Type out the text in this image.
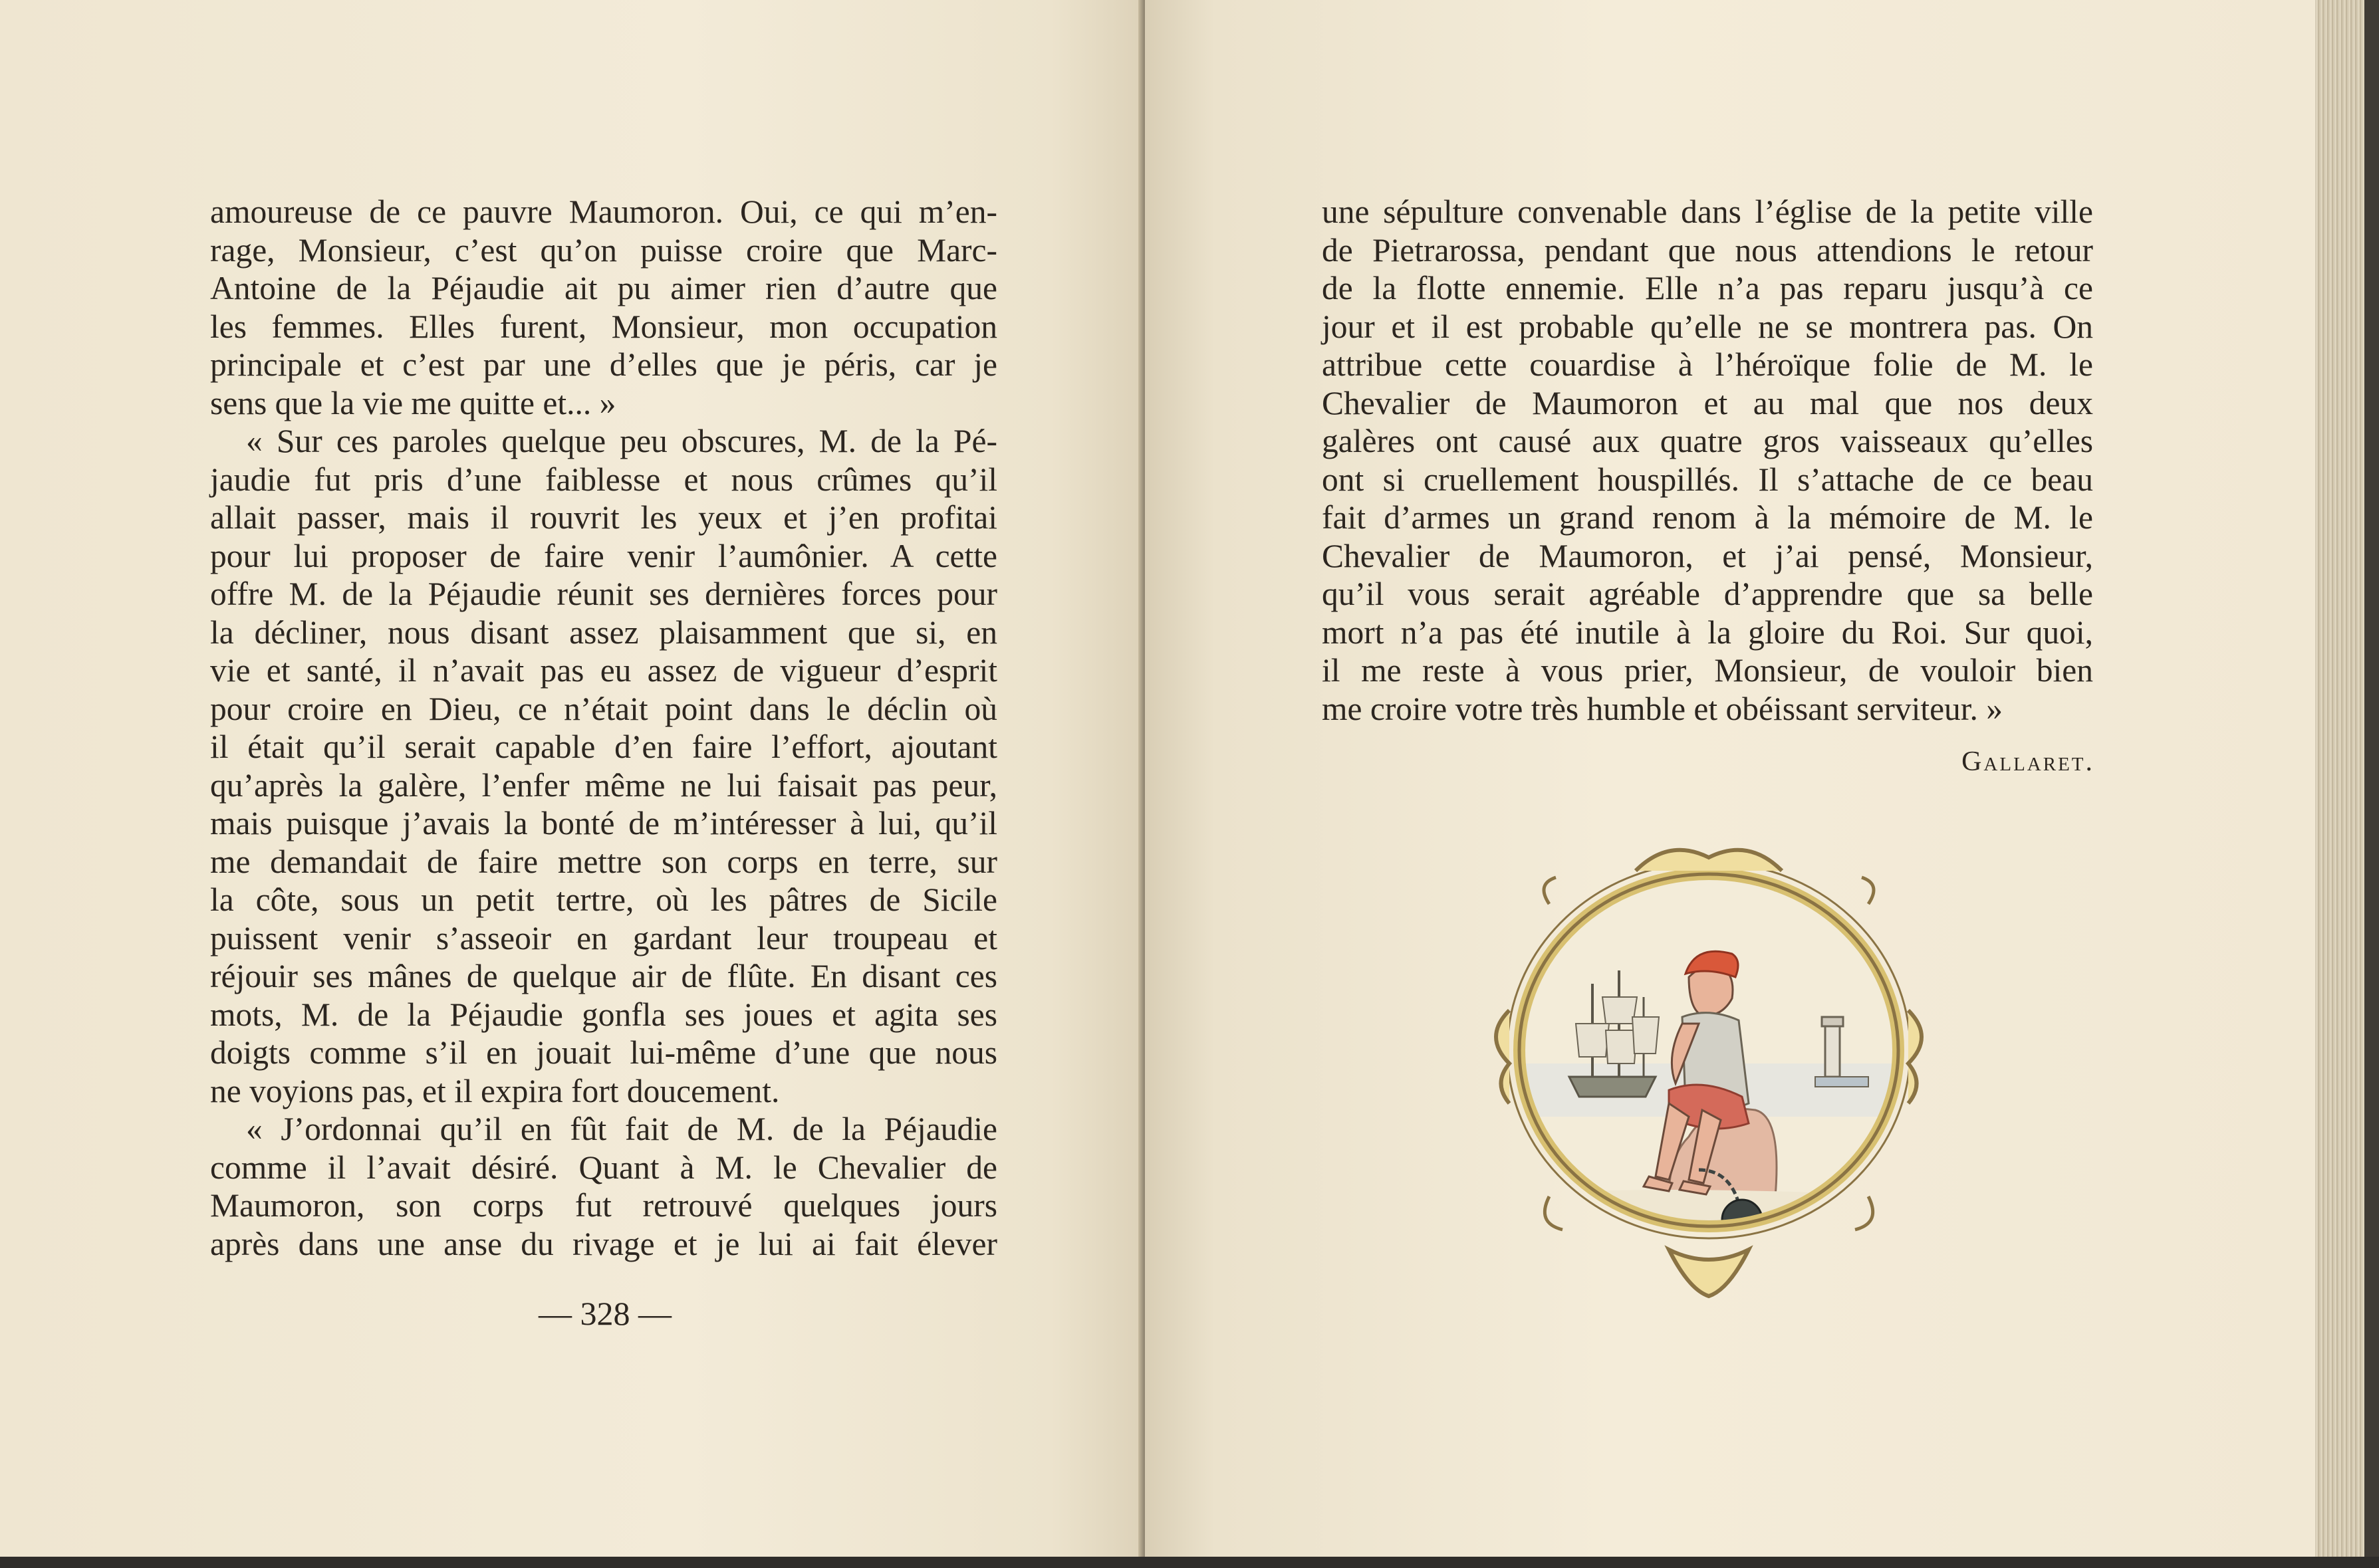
amoureuse de ce pauvre Maumoron. Oui, ce qui m’en-
rage, Monsieur, c’est qu’on puisse croire que Marc-
Antoine de la Péjaudie ait pu aimer rien d’autre que
les femmes. Elles furent, Monsieur, mon occupation
principale et c’est par une d’elles que je péris, car je
sens que la vie me quitte et... »
« Sur ces paroles quelque peu obscures, M. de la Pé-
jaudie fut pris d’une faiblesse et nous crûmes qu’il
allait passer, mais il rouvrit les yeux et j’en profitai
pour lui proposer de faire venir l’aumônier. A cette
offre M. de la Péjaudie réunit ses dernières forces pour
la décliner, nous disant assez plaisamment que si, en
vie et santé, il n’avait pas eu assez de vigueur d’esprit
pour croire en Dieu, ce n’était point dans le déclin où
il était qu’il serait capable d’en faire l’effort, ajoutant
qu’après la galère, l’enfer même ne lui faisait pas peur,
mais puisque j’avais la bonté de m’intéresser à lui, qu’il
me demandait de faire mettre son corps en terre, sur
la côte, sous un petit tertre, où les pâtres de Sicile
puissent venir s’asseoir en gardant leur troupeau et
réjouir ses mânes de quelque air de flûte. En disant ces
mots, M. de la Péjaudie gonfla ses joues et agita ses
doigts comme s’il en jouait lui-même d’une que nous
ne voyions pas, et il expira fort doucement.
« J’ordonnai qu’il en fût fait de M. de la Péjaudie
comme il l’avait désiré. Quant à M. le Chevalier de
Maumoron, son corps fut retrouvé quelques jours
après dans une anse du rivage et je lui ai fait élever
— 328 —
une sépulture convenable dans l’église de la petite ville
de Pietrarossa, pendant que nous attendions le retour
de la flotte ennemie. Elle n’a pas reparu jusqu’à ce
jour et il est probable qu’elle ne se montrera pas. On
attribue cette couardise à l’héroïque folie de M. le
Chevalier de Maumoron et au mal que nos deux
galères ont causé aux quatre gros vaisseaux qu’elles
ont si cruellement houspillés. Il s’attache de ce beau
fait d’armes un grand renom à la mémoire de M. le
Chevalier de Maumoron, et j’ai pensé, Monsieur,
qu’il vous serait agréable d’apprendre que sa belle
mort n’a pas été inutile à la gloire du Roi. Sur quoi,
il me reste à vous prier, Monsieur, de vouloir bien
me croire votre très humble et obéissant serviteur. »
Gallaret.
